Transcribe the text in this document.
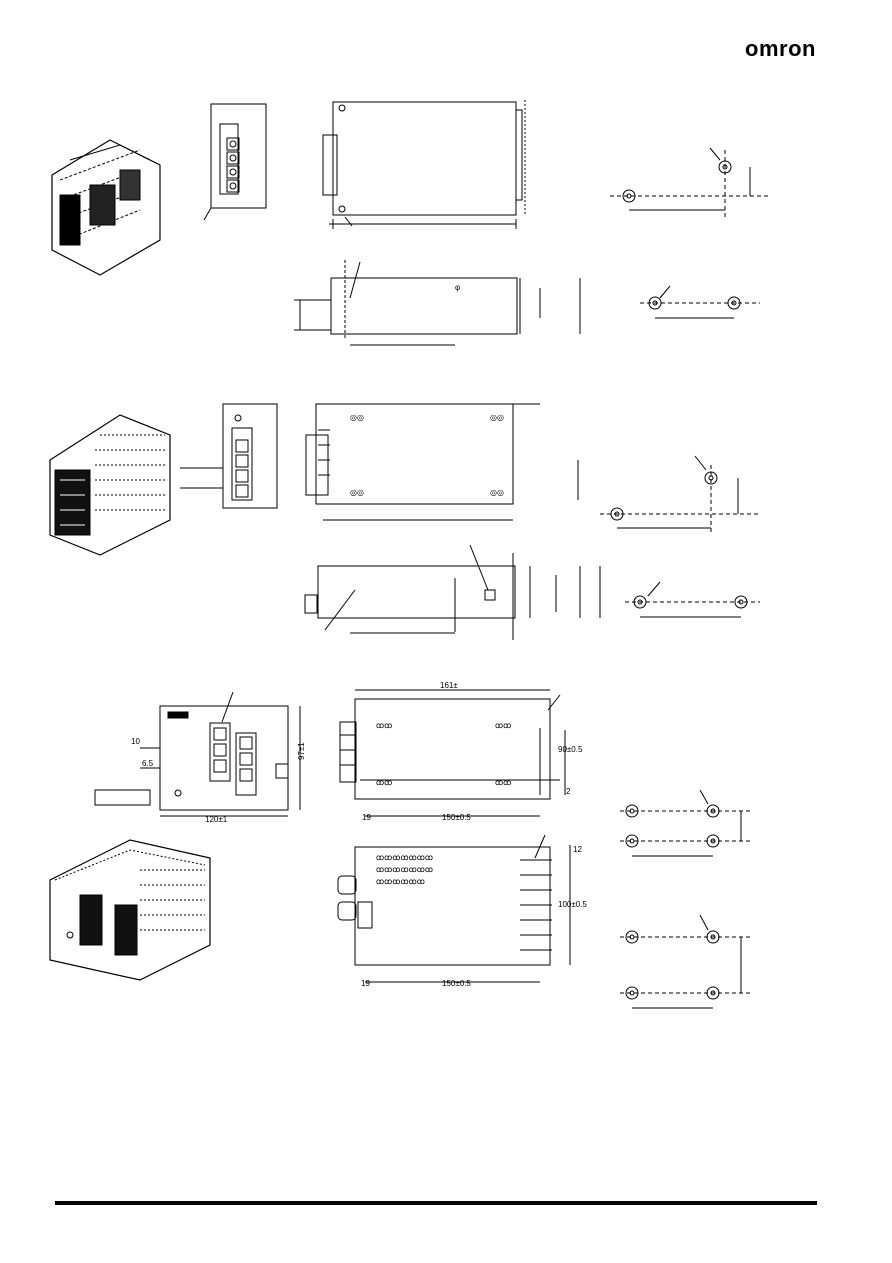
omron
φ
◎◎	◎◎
◎◎	◎◎
ꝏꝏ	ꝏꝏ
ꝏꝏ	ꝏꝏ
ꝏꝏꝏꝏꝏꝏꝏ
ꝏꝏꝏꝏꝏꝏꝏ
ꝏꝏꝏꝏꝏꝏ
161±
97±1	90±0.5
120±1
10
6.5
19	150±0.5
2
12
100±0.5
19	150±0.5
